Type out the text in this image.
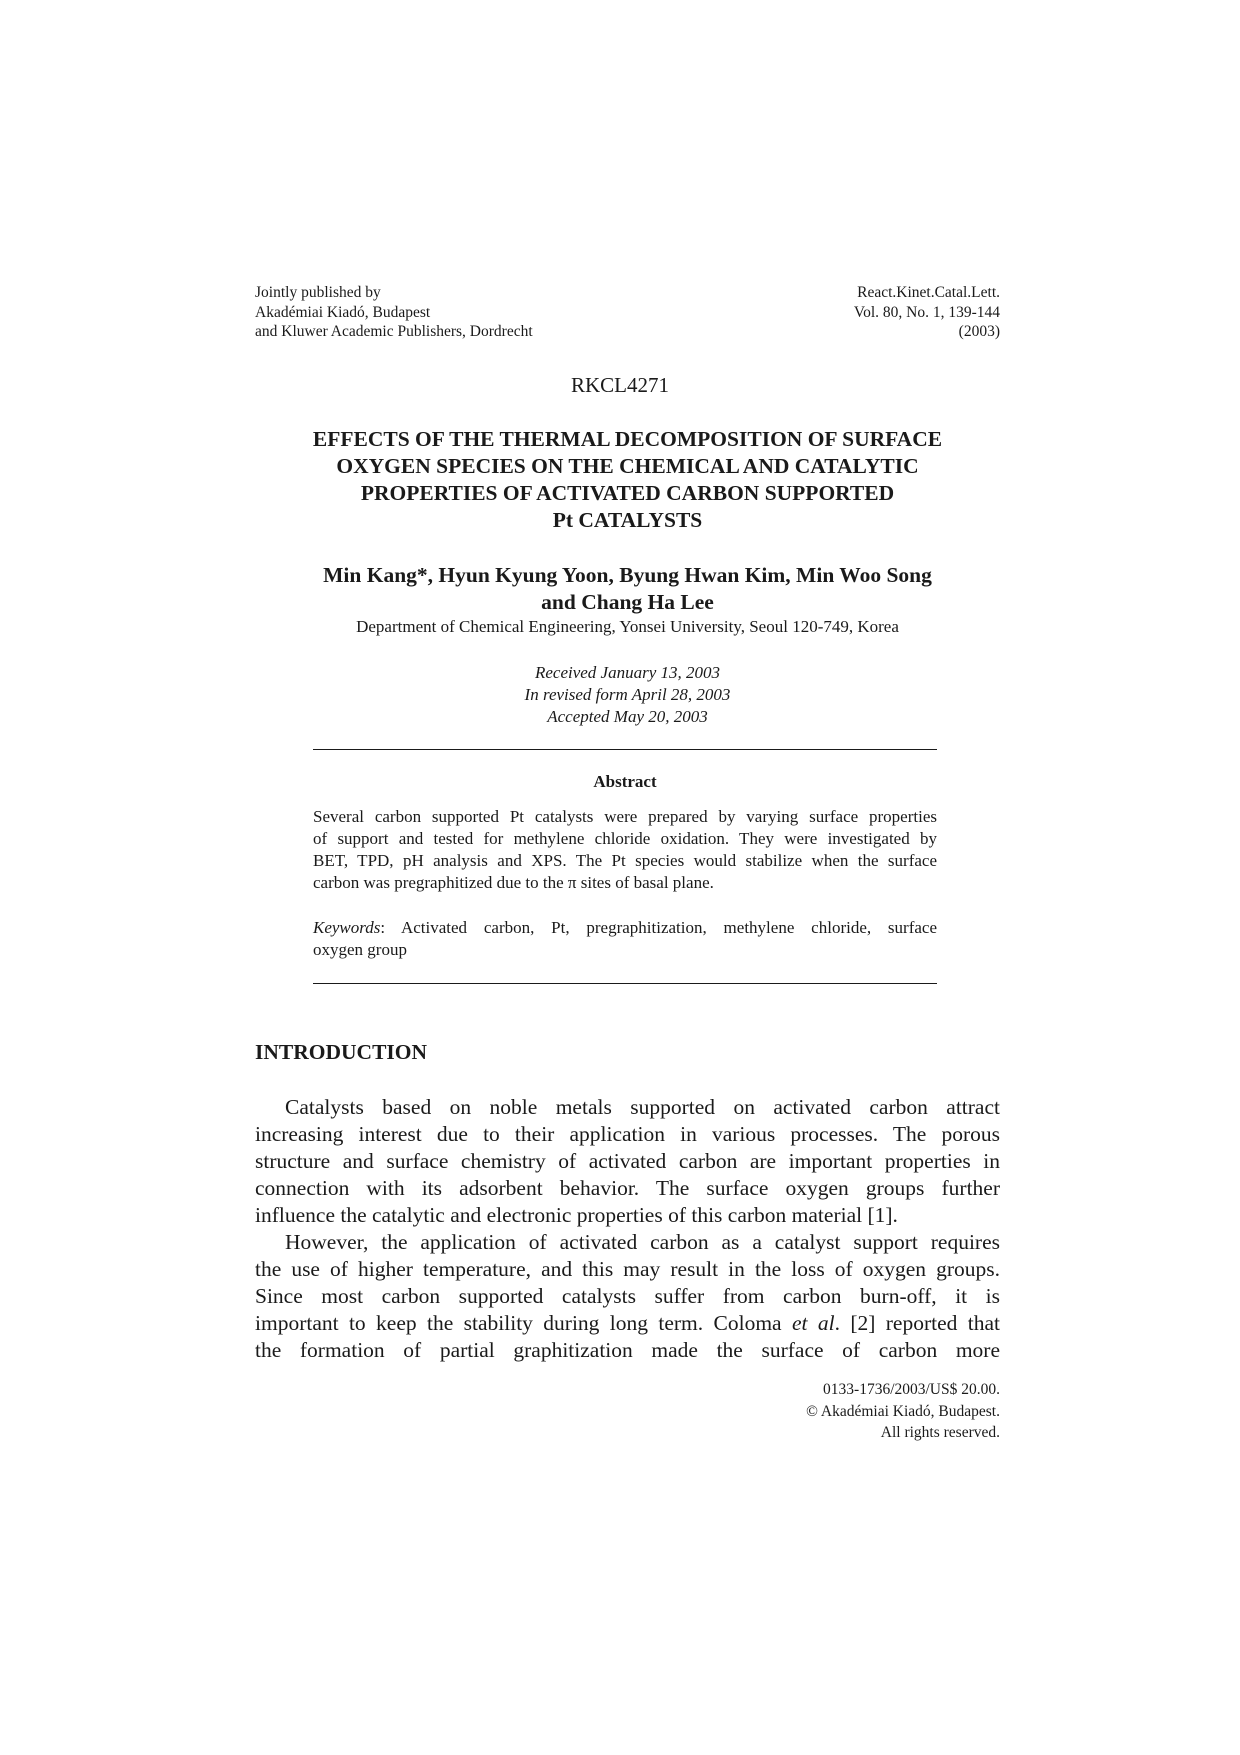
Jointly published by
Akadémiai Kiadó, Budapest
and Kluwer Academic Publishers, Dordrecht
React.Kinet.Catal.Lett.
Vol. 80, No. 1, 139-144
(2003)
RKCL4271
EFFECTS OF THE THERMAL DECOMPOSITION OF SURFACE
OXYGEN SPECIES ON THE CHEMICAL AND CATALYTIC
PROPERTIES OF ACTIVATED CARBON SUPPORTED
Pt CATALYSTS
Min Kang*, Hyun Kyung Yoon, Byung Hwan Kim, Min Woo Song
and Chang Ha Lee
Department of Chemical Engineering, Yonsei University, Seoul 120-749, Korea
Received January 13, 2003
In revised form April 28, 2003
Accepted May 20, 2003
Abstract
Several carbon supported Pt catalysts were prepared by varying surface properties
of support and tested for methylene chloride oxidation. They were investigated by
BET, TPD, pH analysis and XPS. The Pt species would stabilize when the surface
carbon was pregraphitized due to the π sites of basal plane.
Keywords: Activated carbon, Pt, pregraphitization, methylene chloride, surface
oxygen group
INTRODUCTION
Catalysts based on noble metals supported on activated carbon attract
increasing interest due to their application in various processes. The porous
structure and surface chemistry of activated carbon are important properties in
connection with its adsorbent behavior. The surface oxygen groups further
influence the catalytic and electronic properties of this carbon material [1].
However, the application of activated carbon as a catalyst support requires
the use of higher temperature, and this may result in the loss of oxygen groups.
Since most carbon supported catalysts suffer from carbon burn-off, it is
important to keep the stability during long term. Coloma et al. [2] reported that
the formation of partial graphitization made the surface of carbon more
0133-1736/2003/US$ 20.00.
© Akadémiai Kiadó, Budapest.
All rights reserved.
